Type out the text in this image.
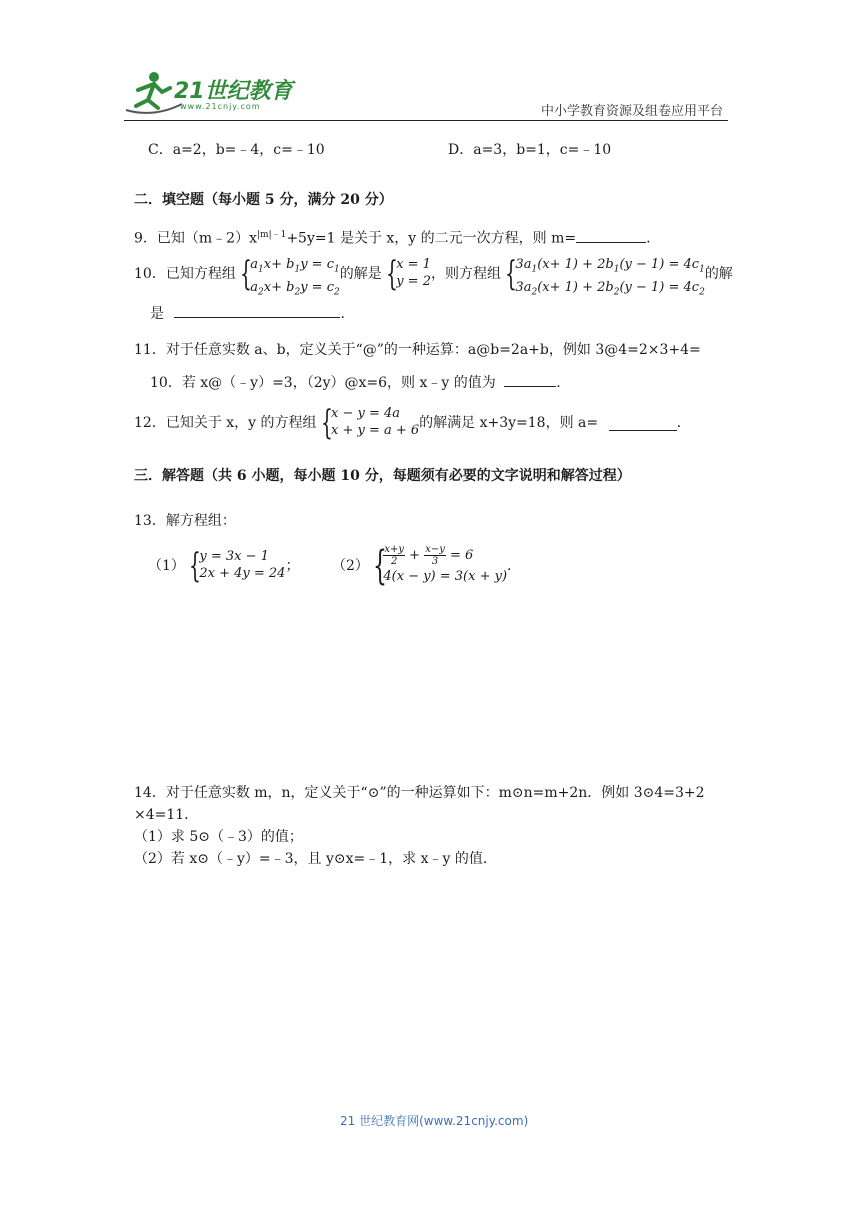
21世纪教育
www.21cnjy.com	中小学教育资源及组卷应用平台
C．a=2，b=﹣4，c=﹣10	D．a=3，b=1，c=﹣10
二．填空题（每小题 5 分，满分 20 分）
9．已知$(m﹣2)x^{|m|﹣1}+5y=1$ 是关于 x，y 的二元一次方程，则 m=	.
10．已知方程组 {
$a_1x+ b_1y = c_1$
$a_2x+ b_2y = c_2$
的解是 {
x = 1
y = 2 ，则方程组 {
$3a_1(x+ 1) + 2b_1(y - 1) = 4c_1$
$3a_2(x+ 1) + 2b_2(y - 1) = 4c_2$
的解
是	.
11．对于任意实数 a、b，定义关于“@”的一种运算：a@b=2a+b，例如 3@4=2×3+4=
10．若 x@（﹣y）=3，（2y）@x=6，则 x﹣y 的值为	.
12．已知关于 x，y 的方程组 {
x − y = 4a
x + y = a + 6 的解满足 x+3y=18，则 a=	.
三．解答题（共 6 小题，每小题 10 分，每题须有必要的文字说明和解答过程）
13．解方程组：
（1） {
y = 3x − 1
2x + 4y = 24 ； （2） {
$\frac{x+y}{2} + \frac{x-y}{3} = 6$
4(x − y) = 3(x + y)
.
14．对于任意实数 m，n，定义关于“⊙”的一种运算如下：m⊙n=m+2n．例如 3⊙4=3+2
×4=11．
（1）求 5⊙（﹣3）的值；
（2）若 x⊙（﹣y）=﹣3，且 y⊙x=﹣1，求 x﹣y 的值．
21 世纪教育网(www.21cnjy.com)
